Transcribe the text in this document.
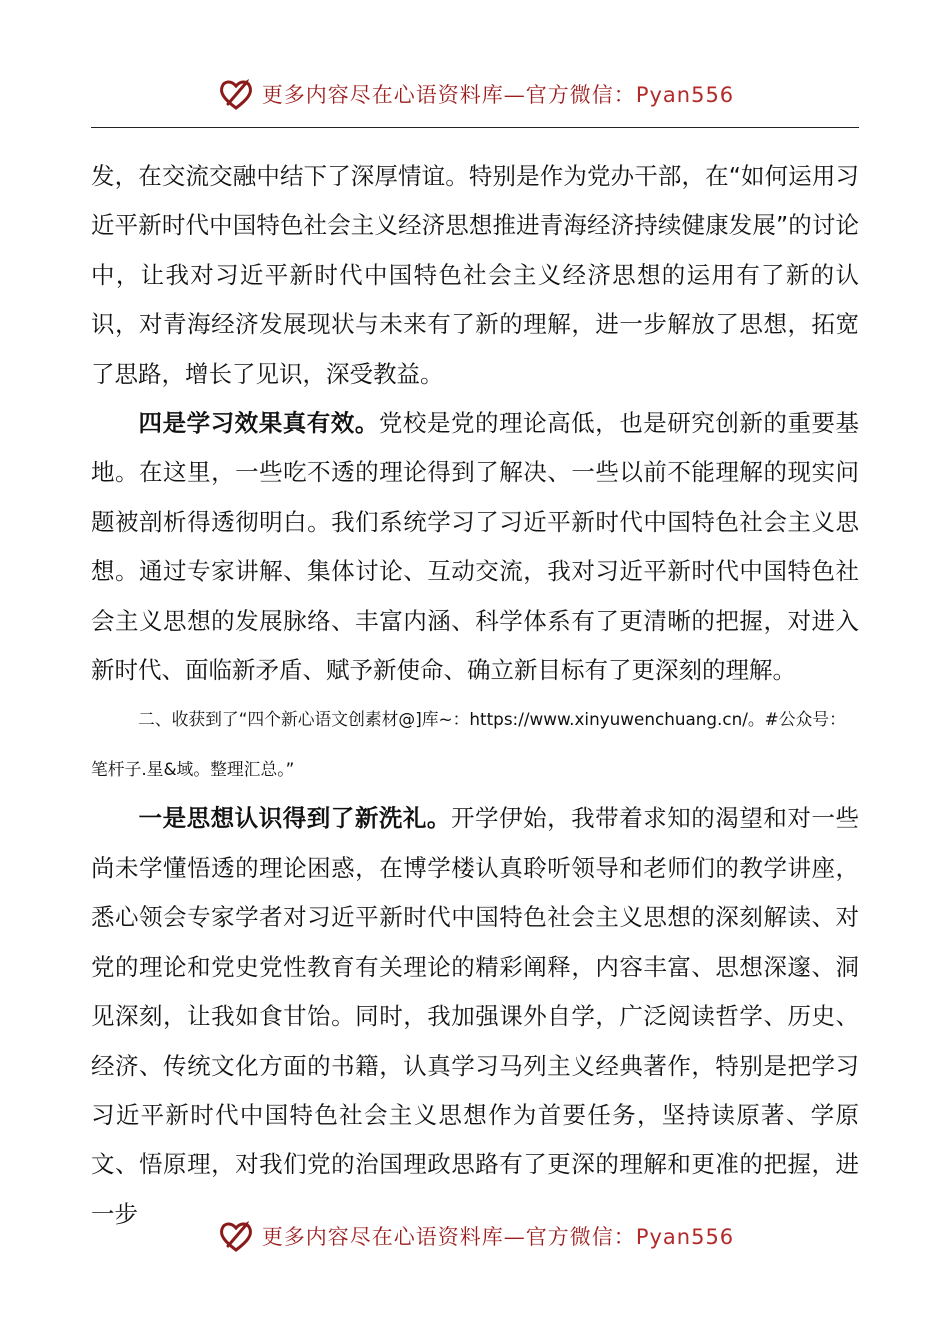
更多内容尽在心语资料库—官方微信：Pyan556

发，在交流交融中结下了深厚情谊。特别是作为党办干部，在“如何运用习近平新时代中国特色社会主义经济思想推进青海经济持续健康发展”的讨论中，让我对习近平新时代中国特色社会主义经济思想的运用有了新的认识，对青海经济发展现状与未来有了新的理解，进一步解放了思想，拓宽了思路，增长了见识，深受教益。

四是学习效果真有效。党校是党的理论高低，也是研究创新的重要基地。在这里，一些吃不透的理论得到了解决、一些以前不能理解的现实问题被剖析得透彻明白。我们系统学习了习近平新时代中国特色社会主义思想。通过专家讲解、集体讨论、互动交流，我对习近平新时代中国特色社会主义思想的发展脉络、丰富内涵、科学体系有了更清晰的把握，对进入新时代、面临新矛盾、赋予新使命、确立新目标有了更深刻的理解。

二、收获到了“四个新心语文创素材@]库~：https://www.xinyuwenchuang.cn/。#公众号：笔杆子.星&域。整理汇总。”

一是思想认识得到了新洗礼。开学伊始，我带着求知的渴望和对一些尚未学懂悟透的理论困惑，在博学楼认真聆听领导和老师们的教学讲座，悉心领会专家学者对习近平新时代中国特色社会主义思想的深刻解读、对党的理论和党史党性教育有关理论的精彩阐释，内容丰富、思想深邃、洞见深刻，让我如食甘饴。同时，我加强课外自学，广泛阅读哲学、历史、经济、传统文化方面的书籍，认真学习马列主义经典著作，特别是把学习习近平新时代中国特色社会主义思想作为首要任务，坚持读原著、学原文、悟原理，对我们党的治国理政思路有了更深的理解和更准的把握，进一步

更多内容尽在心语资料库—官方微信：Pyan556
